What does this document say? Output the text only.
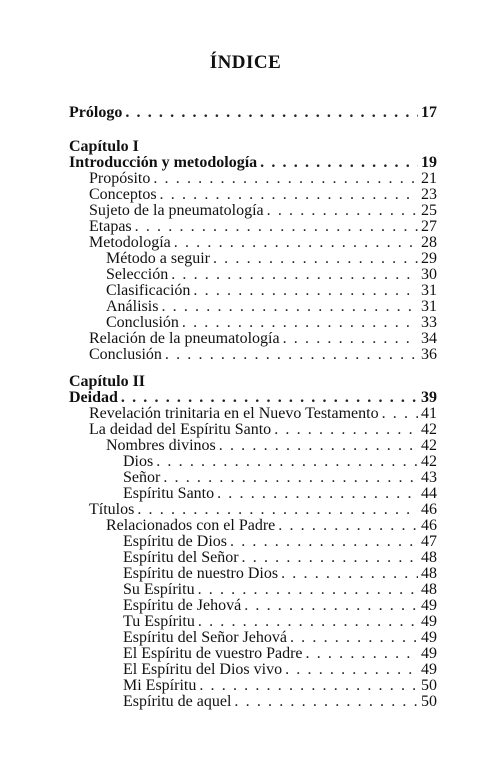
ÍNDICE
Prólogo . . .	17
Capítulo I
Introducción y metodología . . .	19
Propósito . . .	21
Conceptos . . .	23
Sujeto de la pneumatología . . .	25
Etapas . . .	27
Metodología . . .	28
Método a seguir . . .	29
Selección . . .	30
Clasificación . . .	31
Análisis . . .	31
Conclusión . . .	33
Relación de la pneumatología . . .	34
Conclusión . . .	36
Capítulo II
Deidad . . .	39
Revelación trinitaria en el Nuevo Testamento . . .	41
La deidad del Espíritu Santo . . .	42
Nombres divinos . . .	42
Dios . . .	42
Señor . . .	43
Espíritu Santo . . .	44
Títulos . . .	46
Relacionados con el Padre . . .	46
Espíritu de Dios . . .	47
Espíritu del Señor . . .	48
Espíritu de nuestro Dios . . .	48
Su Espíritu . . .	48
Espíritu de Jehová . . .	49
Tu Espíritu . . .	49
Espíritu del Señor Jehová . . .	49
El Espíritu de vuestro Padre . . .	49
El Espíritu del Dios vivo . . .	49
Mi Espíritu . . .	50
Espíritu de aquel . . .	50
